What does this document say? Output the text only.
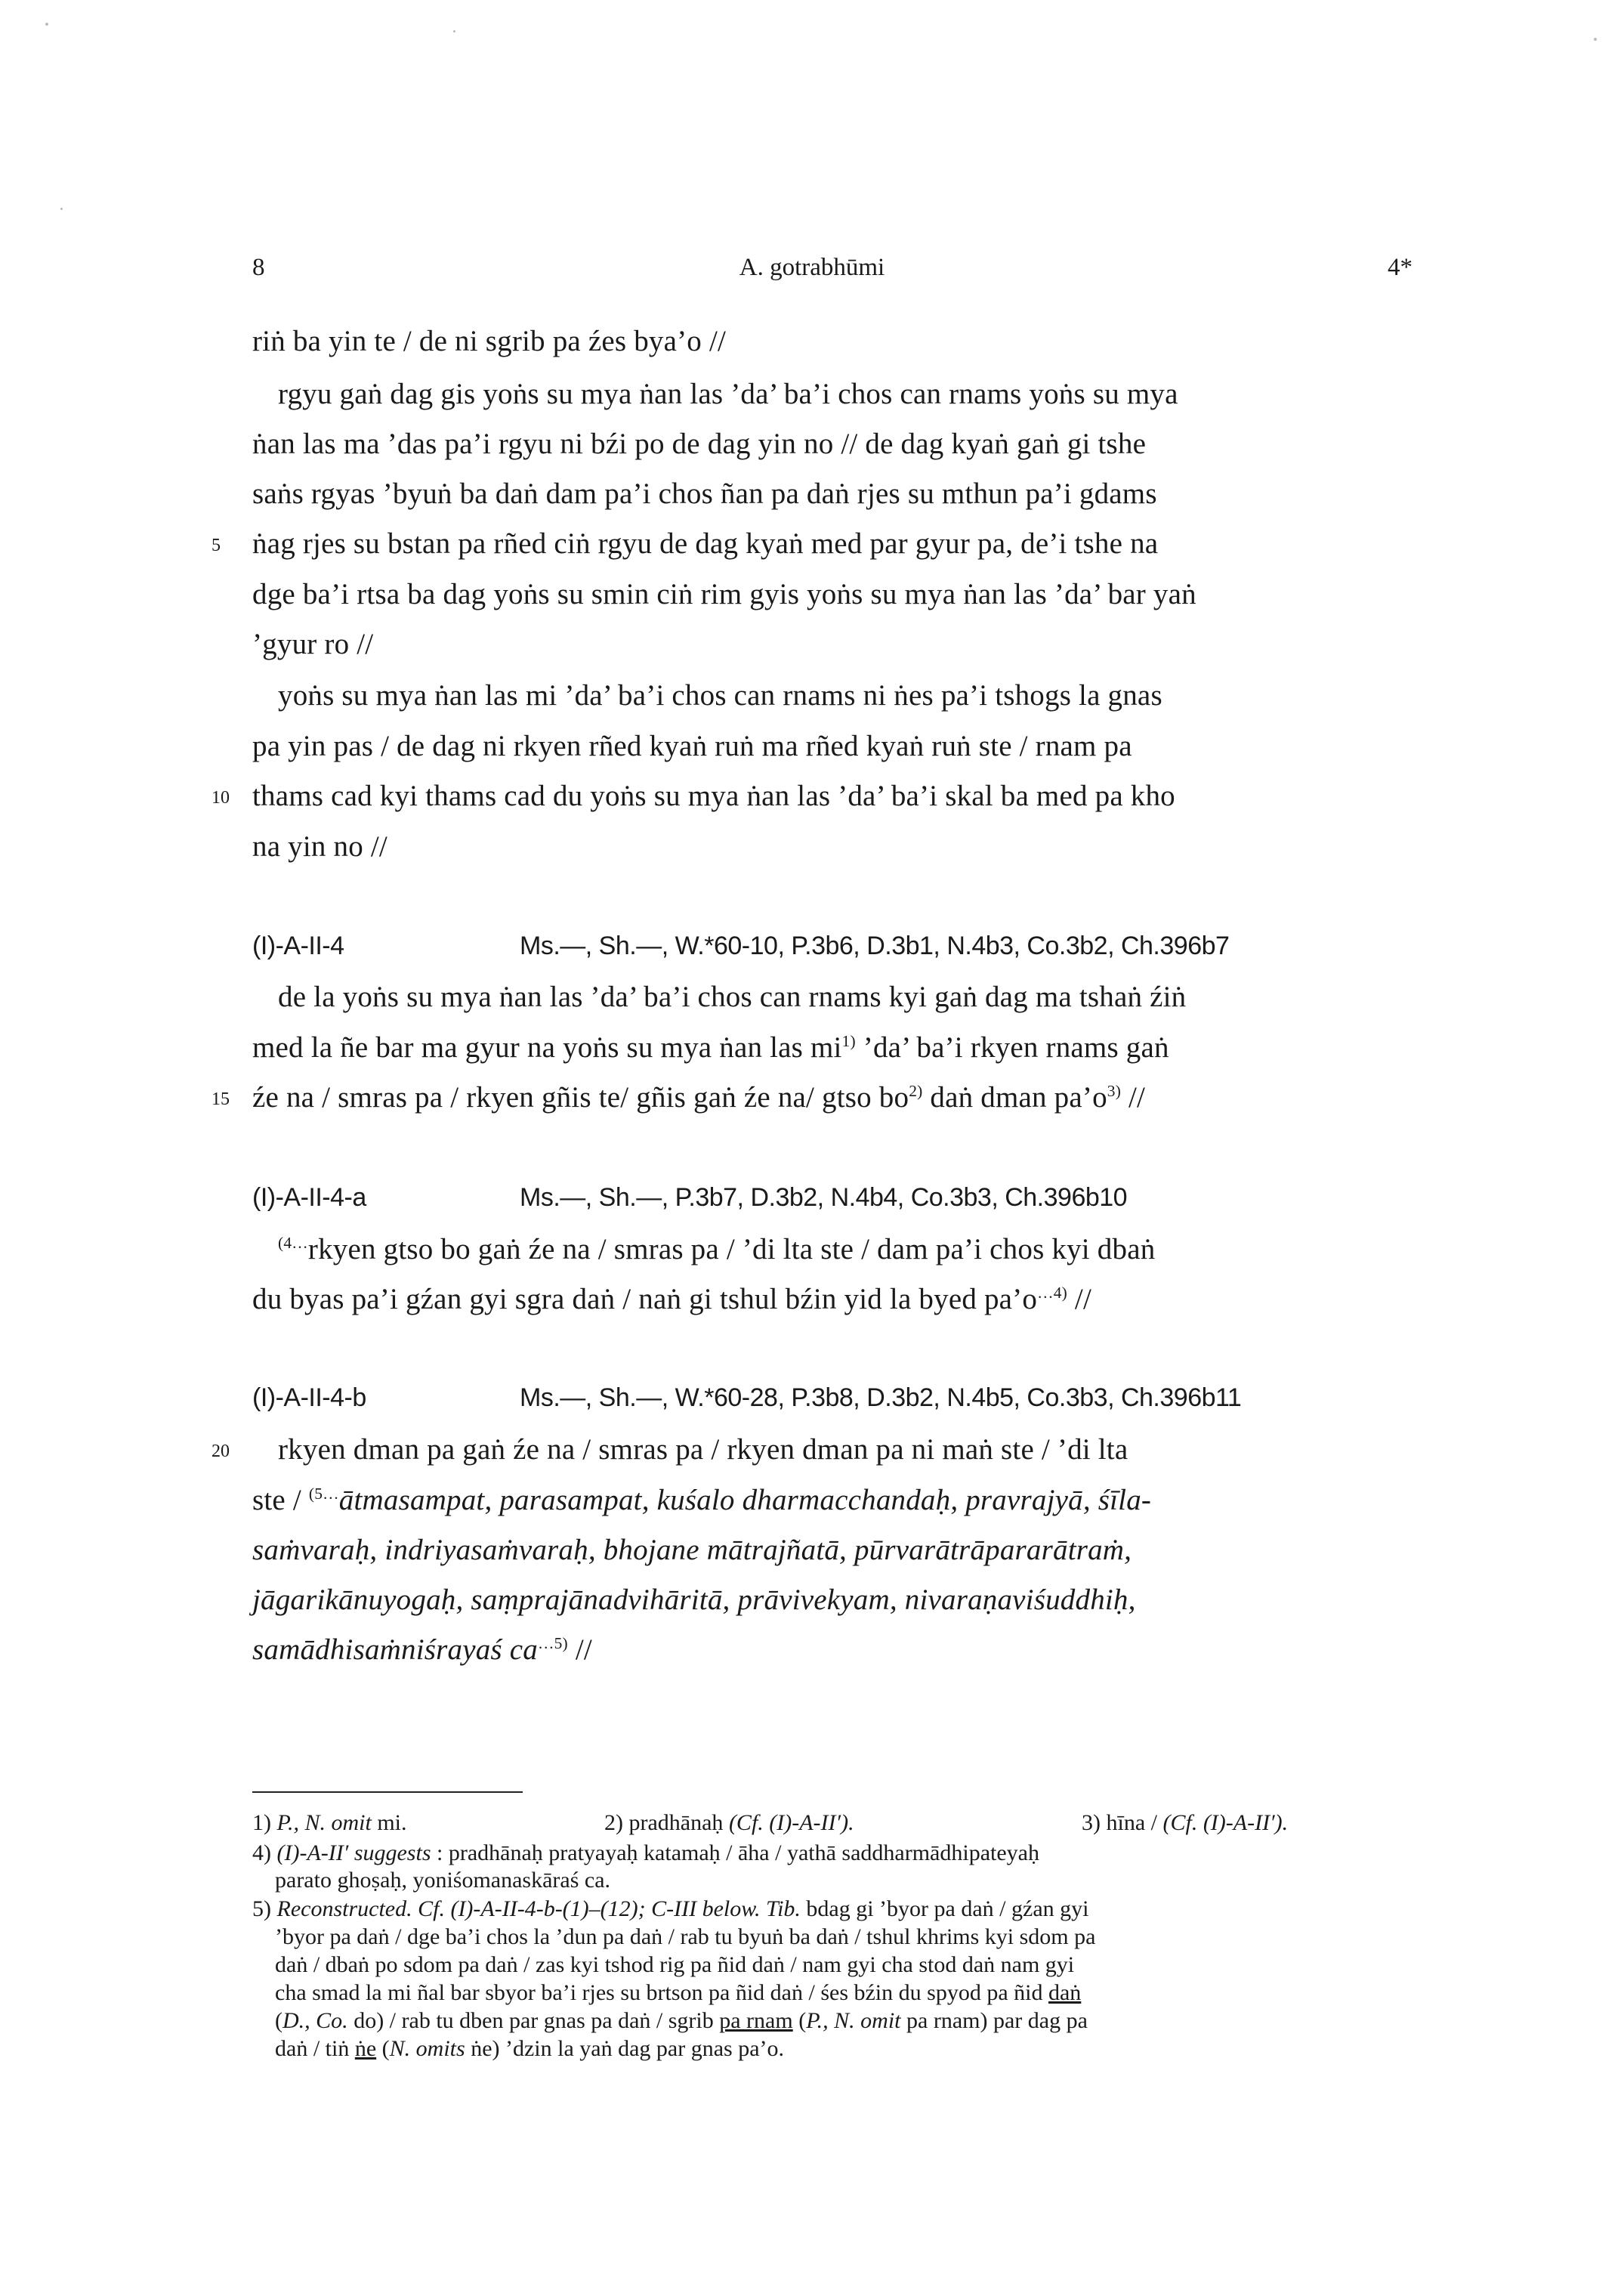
8	A. gotrabhūmi	4*
riṅ ba yin te / de ni sgrib pa źes bya’o //
rgyu gaṅ dag gis yoṅs su mya ṅan las ’da’ ba’i chos can rnams yoṅs su mya
ṅan las ma ’das pa’i rgyu ni bźi po de dag yin no // de dag kyaṅ gaṅ gi tshe
saṅs rgyas ’byuṅ ba daṅ dam pa’i chos ñan pa daṅ rjes su mthun pa’i gdams
5 ṅag rjes su bstan pa rñed ciṅ rgyu de dag kyaṅ med par gyur pa, de’i tshe na
dge ba’i rtsa ba dag yoṅs su smin ciṅ rim gyis yoṅs su mya ṅan las ’da’ bar yaṅ
’gyur ro //
yoṅs su mya ṅan las mi ’da’ ba’i chos can rnams ni ṅes pa’i tshogs la gnas
pa yin pas / de dag ni rkyen rñed kyaṅ ruṅ ma rñed kyaṅ ruṅ ste / rnam pa
10 thams cad kyi thams cad du yoṅs su mya ṅan las ’da’ ba’i skal ba med pa kho
na yin no //
(I)-A-II-4	Ms.—, Sh.—, W.*60-10, P.3b6, D.3b1, N.4b3, Co.3b2, Ch.396b7
de la yoṅs su mya ṅan las ’da’ ba’i chos can rnams kyi gaṅ dag ma tshaṅ źiṅ
med la ñe bar ma gyur na yoṅs su mya ṅan las $mi^{1)}$ ’da’ ba’i rkyen rnams gaṅ
15 źe na / smras pa / rkyen gñis te/ gñis gaṅ źe na/ gtso $bo^{2)}$ daṅ dman $pa’o^{3)}$ //
(I)-A-II-4-a	Ms.—, Sh.—, P.3b7, D.3b2, N.4b4, Co.3b3, Ch.396b10
$^{(4\dots}$rkyen gtso bo gaṅ źe na / smras pa / ’di lta ste / dam pa’i chos kyi dbaṅ
du byas pa’i gźan gyi sgra daṅ / naṅ gi tshul bźin yid la byed $pa’o^{\dots 4)}$ //
(I)-A-II-4-b	Ms.—, Sh.—, W.*60-28, P.3b8, D.3b2, N.4b5, Co.3b3, Ch.396b11
20 rkyen dman pa gaṅ źe na / smras pa / rkyen dman pa ni maṅ ste / ’di lta
ste / $^{(5\dots}$ātmasampat, parasampat, kuśalo dharmacchandaḥ, pravrajyā, śīla-
saṁvaraḥ, indriyasaṁvaraḥ, bhojane mātrajñatā, pūrvarātrāpararātraṁ,
jāgarikānuyogaḥ, saṃprajānadvihāritā, prāvivekyam, nivaraṇaviśuddhiḥ,
samādhisaṁniśrayaś $ca^{\dots 5)}$ //
1) P., N. omit mi.	2) pradhānaḥ (Cf. (I)-A-II′).	3) hīna / (Cf. (I)-A-II′).
4) (I)-A-II′ suggests : pradhānaḥ pratyayaḥ katamaḥ / āha / yathā saddharmādhipateyaḥ
parato ghoṣaḥ, yoniśomanaskāraś ca.
5) Reconstructed. Cf. (I)-A-II-4-b-(1)–(12); C-III below. Tib. bdag gi ’byor pa daṅ / gźan gyi
’byor pa daṅ / dge ba’i chos la ’dun pa daṅ / rab tu byuṅ ba daṅ / tshul khrims kyi sdom pa
daṅ / dbaṅ po sdom pa daṅ / zas kyi tshod rig pa ñid daṅ / nam gyi cha stod daṅ nam gyi
cha smad la mi ñal bar sbyor ba’i rjes su brtson pa ñid daṅ / śes bźin du spyod pa ñid daṅ
(D., Co. do) / rab tu dben par gnas pa daṅ / sgrib pa rnam (P., N. omit pa rnam) par dag pa
daṅ / tiṅ ṅe (N. omits ṅe) ’dzin la yaṅ dag par gnas pa’o.
